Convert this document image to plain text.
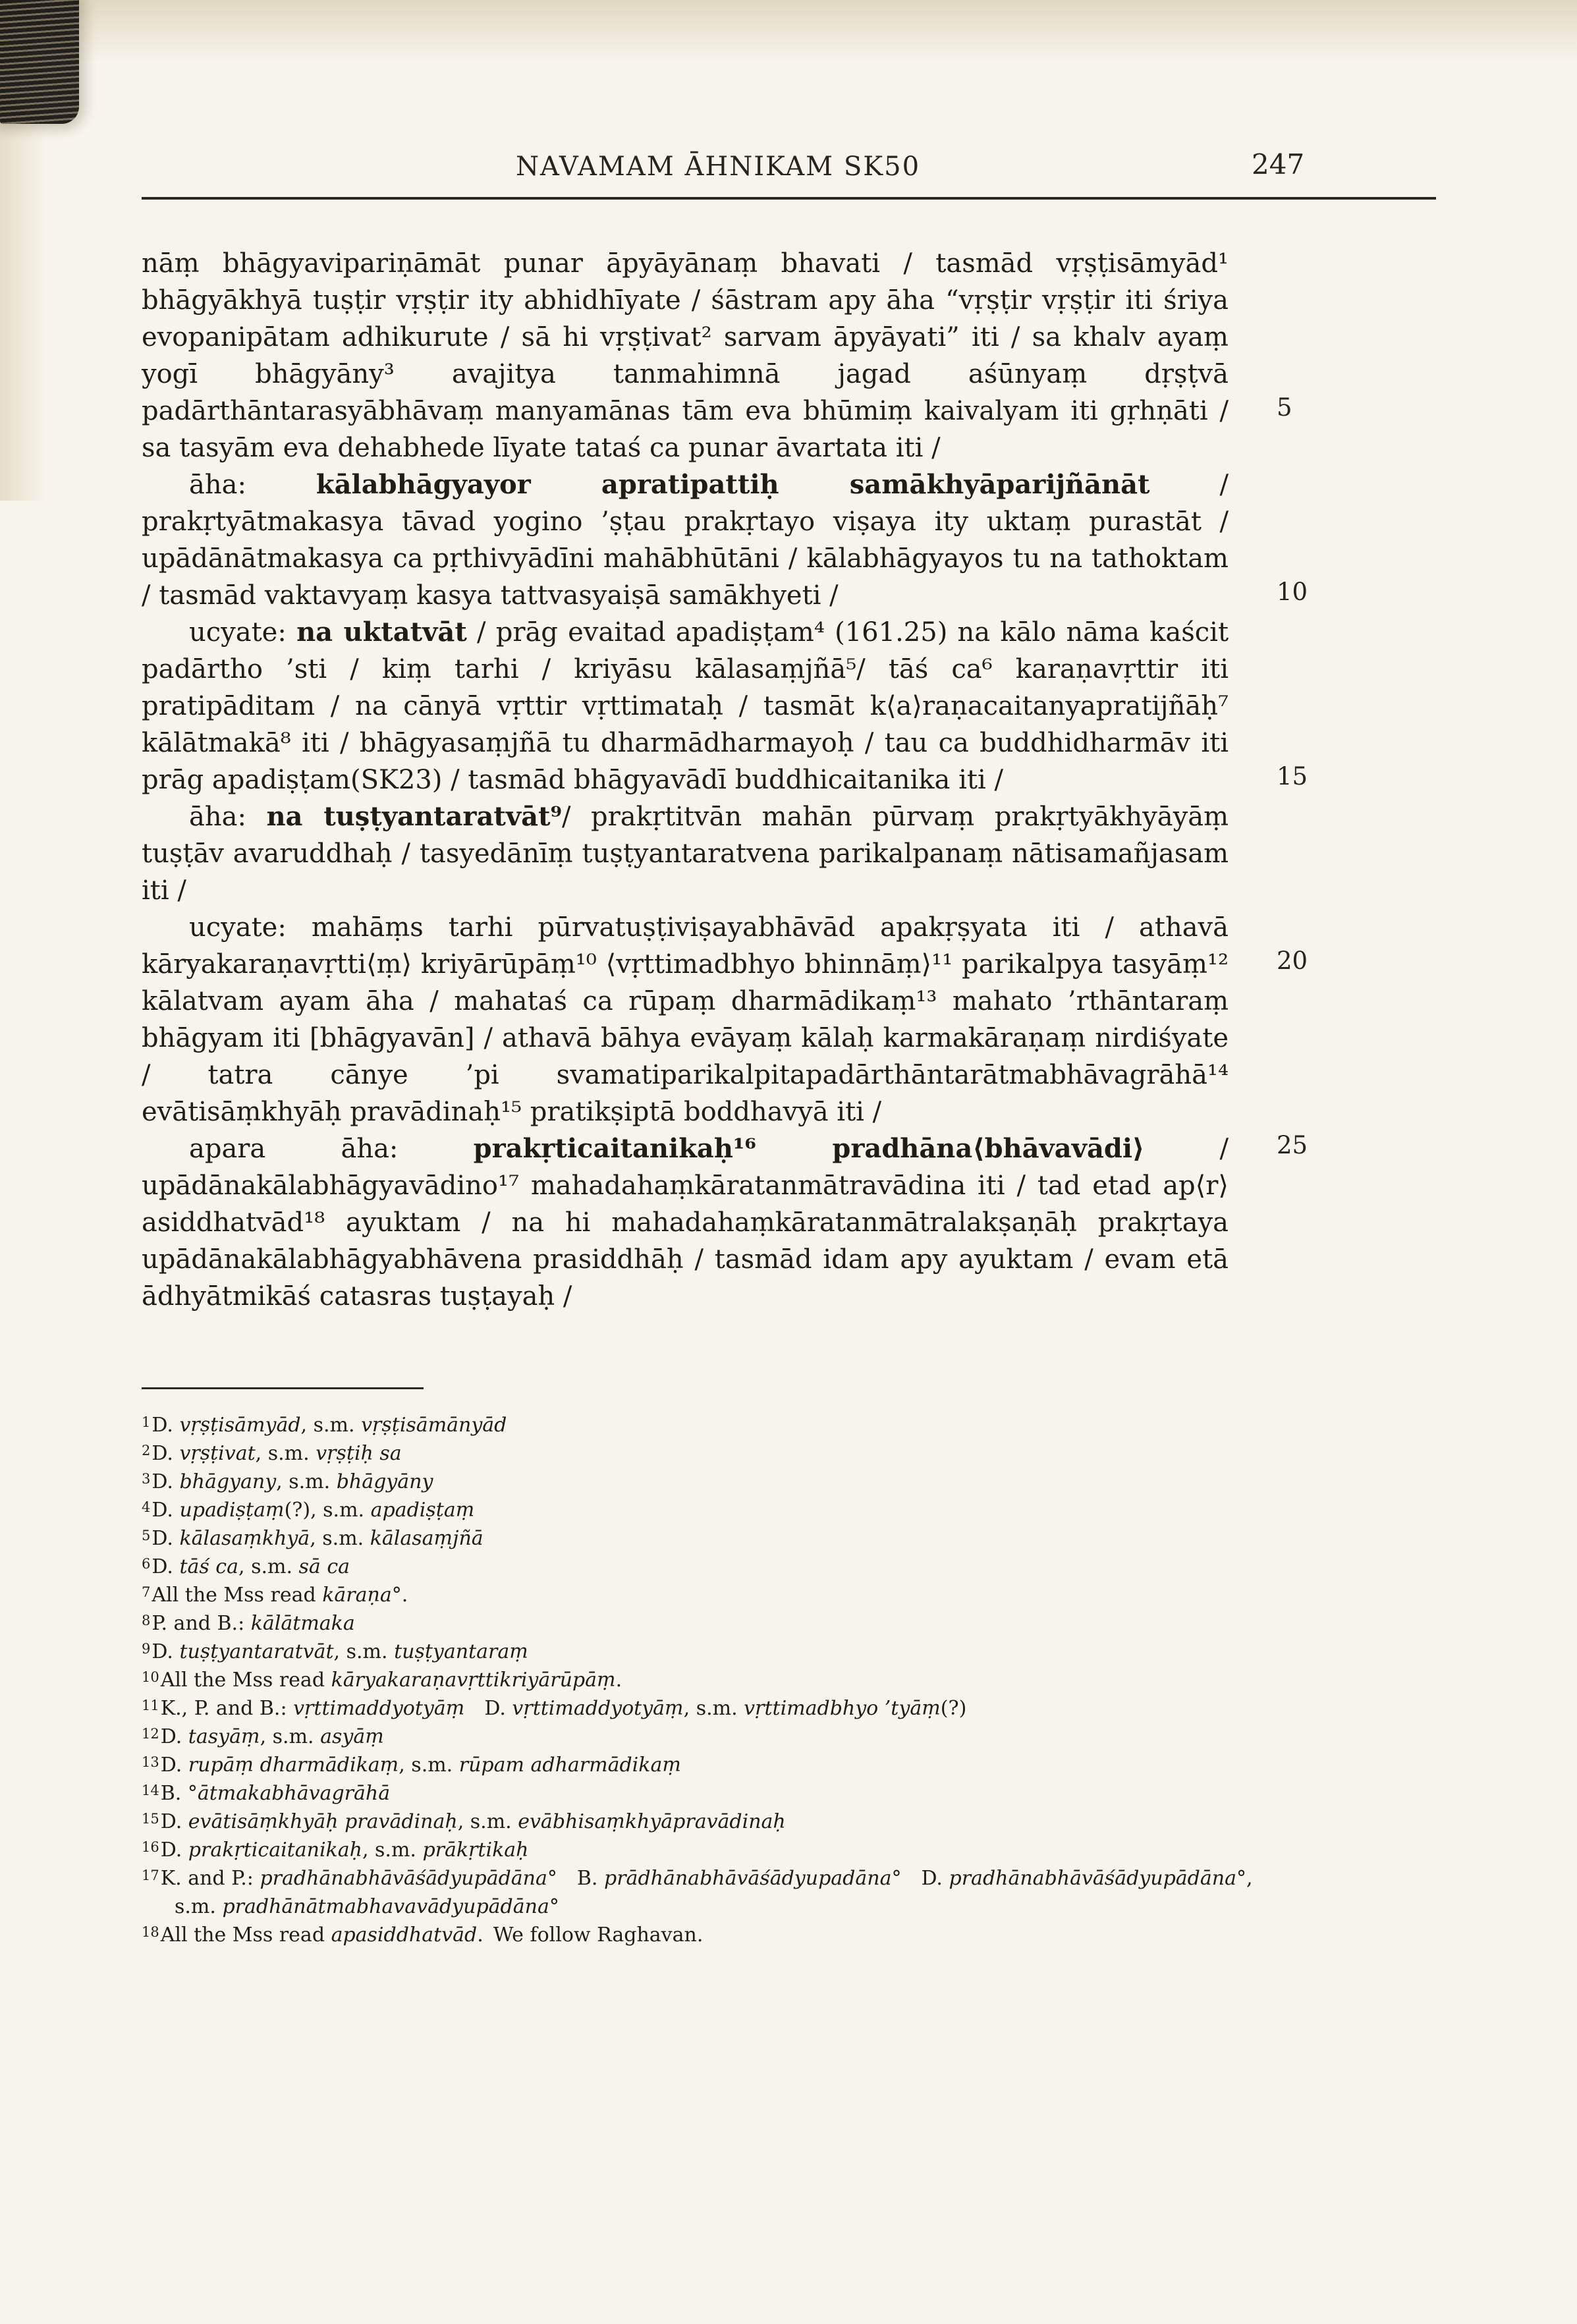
NAVAMAM ĀHNIKAM SK50	247

nāṃ bhāgyavipariṇāmāt punar āpyāyānaṃ bhavati / tasmād vṛṣṭisāmyād¹ bhāgyākhyā tuṣṭir vṛṣṭir ity abhidhīyate / śāstram apy āha “vṛṣṭir vṛṣṭir iti śriya evopanipātam adhikurute / sā hi vṛṣṭivat² sarvam āpyāyati” iti / sa khalv ayaṃ yogī bhāgyāny³ avajitya tanmahimnā jagad aśūnyaṃ dṛṣṭvā padārthāntarasyābhāvaṃ manyamānas tām eva bhūmiṃ kaivalyam iti gṛhṇāti / sa tasyām eva dehabhede līyate tataś ca punar āvartata iti /

āha: kālabhāgyayor apratipattiḥ samākhyāparijñānāt / prakṛtyātmakasya tāvad yogino ’ṣṭau prakṛtayo viṣaya ity uktaṃ purastāt / upādānātmakasya ca pṛthivyādīni mahābhūtāni / kālabhāgyayos tu na tathoktam / tasmād vaktavyaṃ kasya tattvasyaiṣā samākhyeti /

ucyate: na uktatvāt / prāg evaitad apadiṣṭam⁴ (161.25) na kālo nāma kaścit padārtho ’sti / kiṃ tarhi / kriyāsu kālasaṃjñā⁵/ tāś ca⁶ karaṇavṛttir iti pratipāditam / na cānyā vṛttir vṛttimataḥ / tasmāt k⟨a⟩raṇacaitanyapratijñāḥ⁷ kālātmakā⁸ iti / bhāgyasaṃjñā tu dharmādharmayoḥ / tau ca buddhidharmāv iti prāg apadiṣṭam(SK23) / tasmād bhāgyavādī buddhicaitanika iti /

āha: na tuṣṭyantaratvāt⁹/ prakṛtitvān mahān pūrvaṃ prakṛtyākhyāyāṃ tuṣṭāv avaruddhaḥ / tasyedānīṃ tuṣṭyantaratvena parikalpanaṃ nātisamañjasam iti /

ucyate: mahāṃs tarhi pūrvatuṣṭiviṣayabhāvād apakṛṣyata iti / athavā kāryakaraṇavṛtti⟨ṃ⟩ kriyārūpāṃ¹⁰ ⟨vṛttimadbhyo bhinnāṃ⟩¹¹ parikalpya tasyāṃ¹² kālatvam ayam āha / mahataś ca rūpaṃ dharmādikaṃ¹³ mahato ’rthāntaraṃ bhāgyam iti [bhāgyavān] / athavā bāhya evāyaṃ kālaḥ karmakāraṇaṃ nirdiśyate / tatra cānye ’pi svamatiparikalpitapadārthāntarātmabhāvagrāhā¹⁴ evātisāṃkhyāḥ pravādinaḥ¹⁵ pratikṣiptā boddhavyā iti /

apara āha: prakṛticaitanikaḥ¹⁶ pradhāna⟨bhāvavādi⟩ / upādānakālabhāgyavādino¹⁷ mahadahaṃkāratanmātravādina iti / tad etad ap⟨r⟩asiddhatvād¹⁸ ayuktam / na hi mahadahaṃkāratanmātralakṣaṇāḥ prakṛtaya upādānakālabhāgyabhāvena prasiddhāḥ / tasmād idam apy ayuktam / evam etā ādhyātmikāś catasras tuṣṭayaḥ /

5
10
15
20
25
$^1$D. vṛṣṭisāmyād, s.m. vṛṣṭisāmānyād
$^2$D. vṛṣṭivat, s.m. vṛṣṭiḥ sa
$^3$D. bhāgyany, s.m. bhāgyāny
$^4$D. upadiṣṭaṃ(?), s.m. apadiṣṭaṃ
$^5$D. kālasaṃkhyā, s.m. kālasaṃjñā
$^6$D. tāś ca, s.m. sā ca
$^7$All the Mss read kāraṇa°.
$^8$P. and B.: kālātmaka
$^9$D. tuṣṭyantaratvāt, s.m. tuṣṭyantaraṃ
$^{10}$All the Mss read kāryakaraṇavṛttikriyārūpāṃ.
$^{11}$K., P. and B.: vṛttimaddyotyāṃ D. vṛttimaddyotyāṃ, s.m. vṛttimadbhyo ’tyāṃ(?)
$^{12}$D. tasyāṃ, s.m. asyāṃ
$^{13}$D. rupāṃ dharmādikaṃ, s.m. rūpam adharmādikaṃ
$^{14}$B. °ātmakabhāvagrāhā
$^{15}$D. evātisāṃkhyāḥ pravādinaḥ, s.m. evābhisaṃkhyāpravādinaḥ
$^{16}$D. prakṛticaitanikaḥ, s.m. prākṛtikaḥ
$^{17}$K. and P.: pradhānabhāvāśādyupādāna° B. prādhānabhāvāśādyupadāna° D. pradhānabhāvāśādyupādāna°, s.m. pradhānātmabhavavādyupādāna°
$^{18}$All the Mss read apasiddhatvād. We follow Raghavan.
